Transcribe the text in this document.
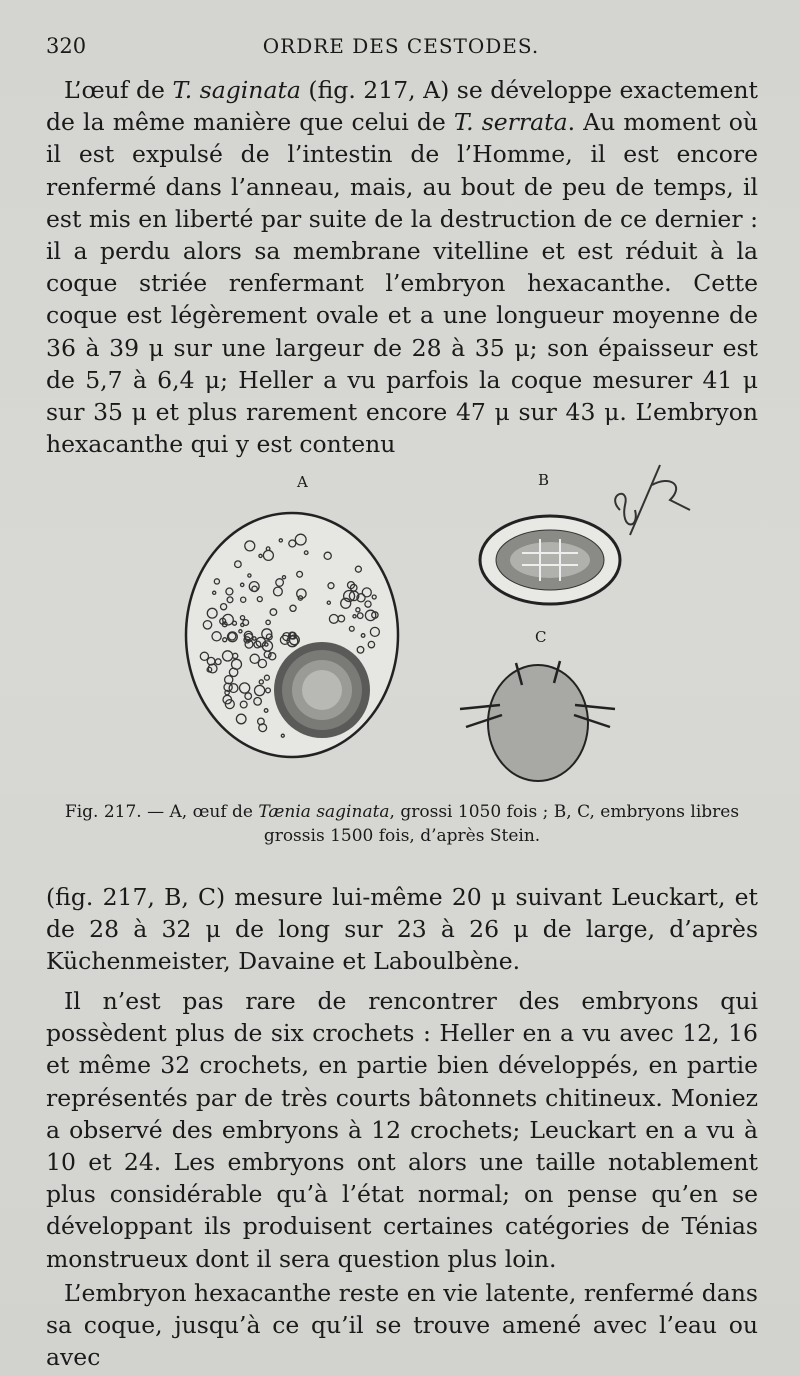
320	ORDRE DES CESTODES.

L’œuf de T. saginata (fig. 217, A) se développe exactement de la même manière que celui de T. serrata. Au moment où il est expulsé de l’intestin de l’Homme, il est encore renfermé dans l’anneau, mais, au bout de peu de temps, il est mis en liberté par suite de la destruction de ce dernier : il a perdu alors sa membrane vitelline et est réduit à la coque striée renfermant l’embryon hexacanthe. Cette coque est légèrement ovale et a une longueur moyenne de 36 à 39 μ sur une largeur de 28 à 35 μ; son épaisseur est de 5,7 à 6,4 μ; Heller a vu parfois la coque mesurer 41 μ sur 35 μ et plus rarement encore 47 μ sur 43 μ. L’embryon hexacanthe qui y est contenu

A	B
C

Fig. 217. — A, œuf de Tænia saginata, grossi 1050 fois ; B, C, embryons libres grossis 1500 fois, d’après Stein.

(fig. 217, B, C) mesure lui-même 20 μ suivant Leuckart, et de 28 à 32 μ de long sur 23 à 26 μ de large, d’après Küchenmeister, Davaine et Laboulbène.

Il n’est pas rare de rencontrer des embryons qui possèdent plus de six crochets : Heller en a vu avec 12, 16 et même 32 crochets, en partie bien développés, en partie représentés par de très courts bâtonnets chitineux. Moniez a observé des embryons à 12 crochets; Leuckart en a vu à 10 et 24. Les embryons ont alors une taille notablement plus considérable qu’à l’état normal; on pense qu’en se développant ils produisent certaines catégories de Ténias monstrueux dont il sera question plus loin.

L’embryon hexacanthe reste en vie latente, renfermé dans sa coque, jusqu’à ce qu’il se trouve amené avec l’eau ou avec
